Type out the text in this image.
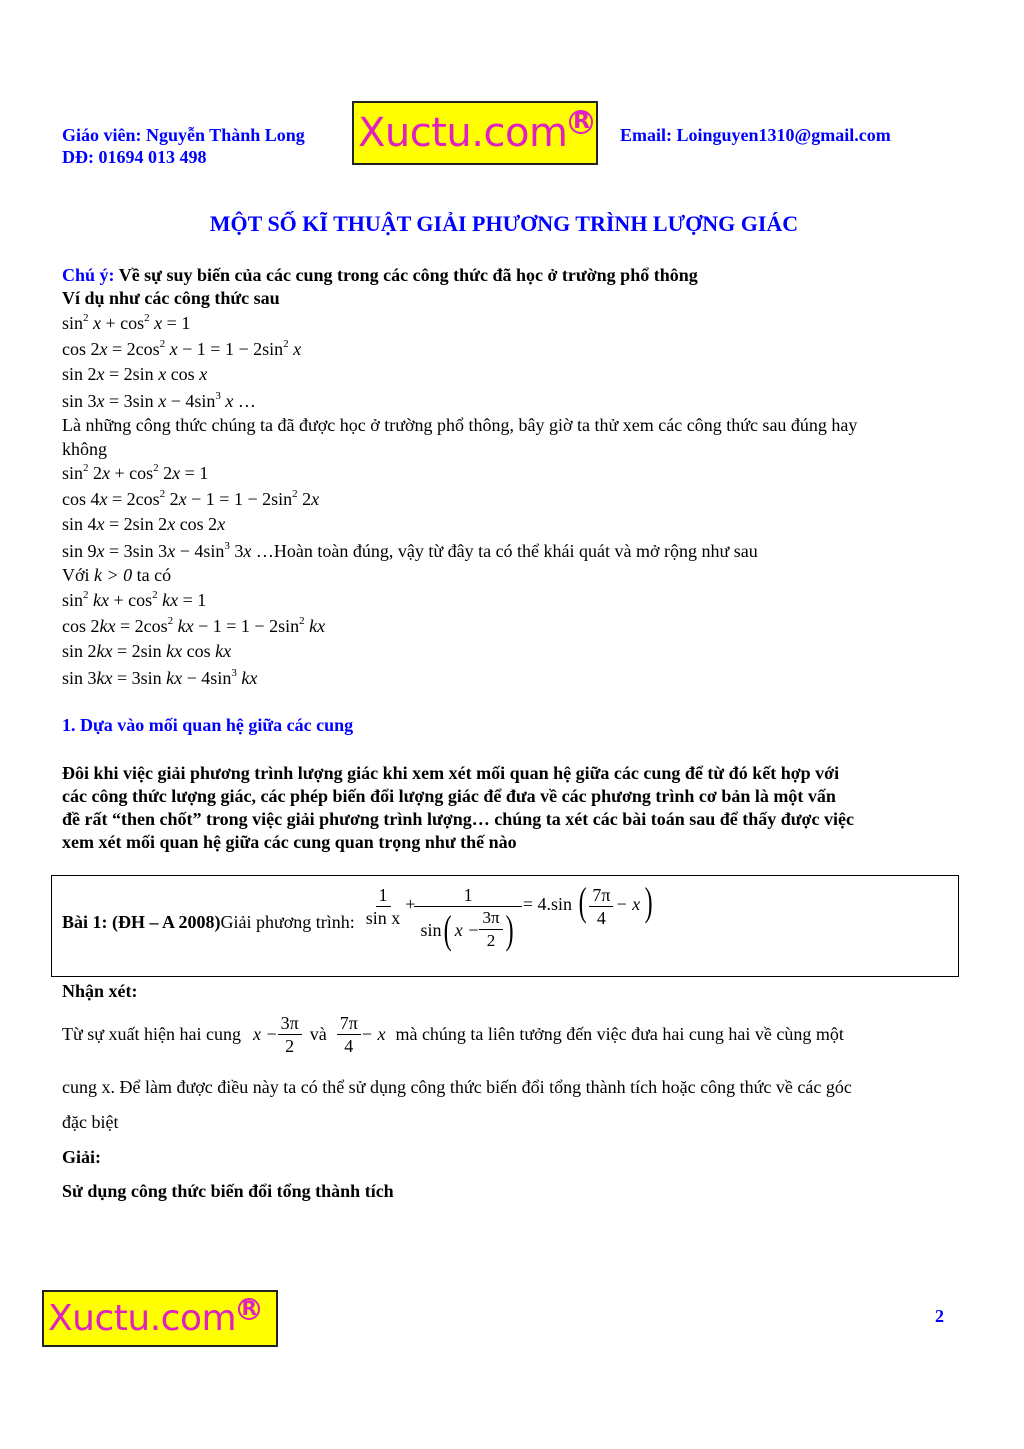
Giáo viên: Nguyễn Thành Long
DĐ: 01694 013 498
Xuctu.com R
Email: Loinguyen1310@gmail.com
MỘT SỐ KĨ THUẬT GIẢI PHƯƠNG TRÌNH LƯỢNG GIÁC
Chú ý: Về sự suy biến của các cung trong các công thức đã học ở trường phổ thông
Ví dụ như các công thức sau
$\sin^2 x + \cos^2 x = 1$
$\cos 2x = 2\cos^2$ $x - 1 = 1 - 2\sin^2$ x
sin 2x = 2sin x cos x
sin 3x = 3sin $x - 4\sin^3$ x …
Là những công thức chúng ta đã được học ở trường phổ thông, bây giờ ta thử xem các công thức sau đúng hay
không
$\sin^2 2x + \cos^2 2x = 1$
$\cos 4x = 2\cos^2$ $2x - 1 = 1 - 2\sin^2$ 2x
sin 4x = 2sin 2x cos 2x
sin 9x = 3sin $3x - 4\sin^3$ 3x …Hoàn toàn đúng, vậy từ đây ta có thể khái quát và mở rộng như sau
Với k > 0 ta có
$\sin^2$ kx + $\cos^2$ kx = 1
$\cos 2kx = 2\cos^2$ kx − $1 = 1 - 2\sin^2$ kx
sin 2kx = 2sin kx cos kx
sin 3kx = 3sin kx − $4\sin^3$ kx
1. Dựa vào mối quan hệ giữa các cung
Đôi khi việc giải phương trình lượng giác khi xem xét mối quan hệ giữa các cung để từ đó kết hợp với
các công thức lượng giác, các phép biến đổi lượng giác để đưa về các phương trình cơ bản là một vấn
đề rất “then chốt” trong việc giải phương trình lượng… chúng ta xét các bài toán sau để thấy được việc
xem xét mối quan hệ giữa các cung quan trọng như thế nào
Bài 1: (ĐH – A 2008) Giải phương trình: $\frac{1}{\text{sin x}} + \frac{1}{\sin ( x - \frac{3\pi}{2} )} = 4.\sin$ ( $\frac{7\pi}{4} - x$ )
Nhận xét:
Từ sự xuất hiện hai cung $x - \frac{3\pi}{2}$ và $\frac{7\pi}{4} - x$ mà chúng ta liên tưởng đến việc đưa hai cung hai về cùng một
cung x. Để làm được điều này ta có thể sử dụng công thức biến đổi tổng thành tích hoặc công thức về các góc
đặc biệt
Giải:
Sử dụng công thức biến đổi tổng thành tích
Xuctu.com R	2
